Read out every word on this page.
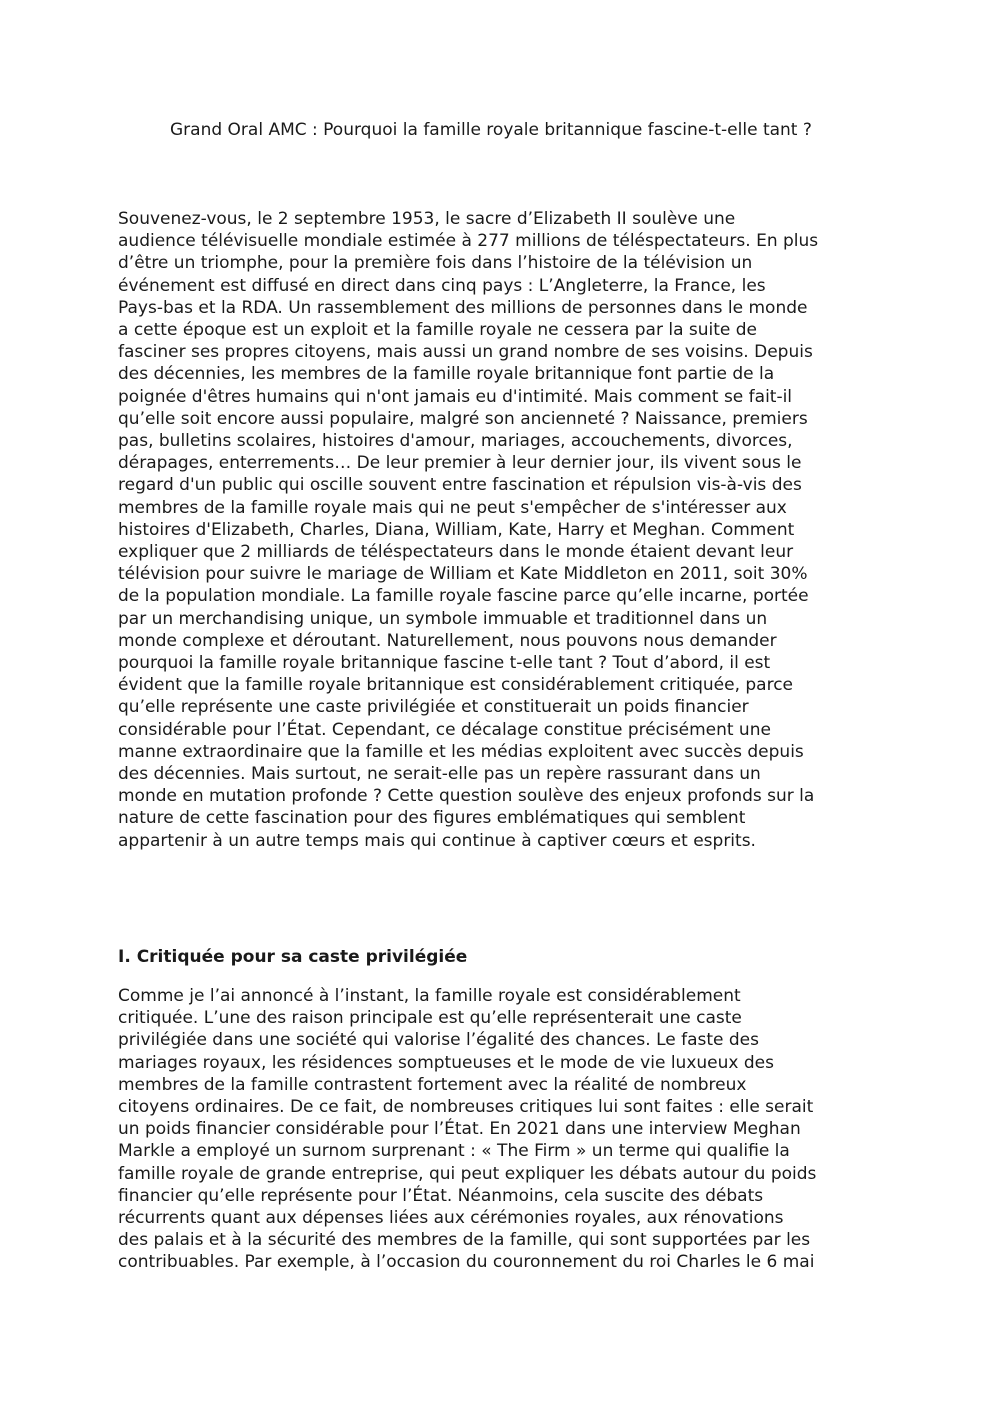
Grand Oral AMC : Pourquoi la famille royale britannique fascine-t-elle tant ?

Souvenez-vous, le 2 septembre 1953, le sacre d’Elizabeth II soulève une
audience télévisuelle mondiale estimée à 277 millions de téléspectateurs. En plus
d’être un triomphe, pour la première fois dans l’histoire de la télévision un
événement est diffusé en direct dans cinq pays : L’Angleterre, la France, les
Pays-bas et la RDA. Un rassemblement des millions de personnes dans le monde
a cette époque est un exploit et la famille royale ne cessera par la suite de
fasciner ses propres citoyens, mais aussi un grand nombre de ses voisins. Depuis
des décennies, les membres de la famille royale britannique font partie de la
poignée d'êtres humains qui n'ont jamais eu d'intimité. Mais comment se fait-il
qu’elle soit encore aussi populaire, malgré son ancienneté ? Naissance, premiers
pas, bulletins scolaires, histoires d'amour, mariages, accouchements, divorces,
dérapages, enterrements… De leur premier à leur dernier jour, ils vivent sous le
regard d'un public qui oscille souvent entre fascination et répulsion vis-à-vis des
membres de la famille royale mais qui ne peut s'empêcher de s'intéresser aux
histoires d'Elizabeth, Charles, Diana, William, Kate, Harry et Meghan. Comment
expliquer que 2 milliards de téléspectateurs dans le monde étaient devant leur
télévision pour suivre le mariage de William et Kate Middleton en 2011, soit 30%
de la population mondiale. La famille royale fascine parce qu’elle incarne, portée
par un merchandising unique, un symbole immuable et traditionnel dans un
monde complexe et déroutant. Naturellement, nous pouvons nous demander
pourquoi la famille royale britannique fascine t-elle tant ? Tout d’abord, il est
évident que la famille royale britannique est considérablement critiquée, parce
qu’elle représente une caste privilégiée et constituerait un poids financier
considérable pour l’État. Cependant, ce décalage constitue précisément une
manne extraordinaire que la famille et les médias exploitent avec succès depuis
des décennies. Mais surtout, ne serait-elle pas un repère rassurant dans un
monde en mutation profonde ? Cette question soulève des enjeux profonds sur la
nature de cette fascination pour des figures emblématiques qui semblent
appartenir à un autre temps mais qui continue à captiver cœurs et esprits.

I. Critiquée pour sa caste privilégiée

Comme je l’ai annoncé à l’instant, la famille royale est considérablement
critiquée. L’une des raison principale est qu’elle représenterait une caste
privilégiée dans une société qui valorise l’égalité des chances. Le faste des
mariages royaux, les résidences somptueuses et le mode de vie luxueux des
membres de la famille contrastent fortement avec la réalité de nombreux
citoyens ordinaires. De ce fait, de nombreuses critiques lui sont faites : elle serait
un poids financier considérable pour l’État. En 2021 dans une interview Meghan
Markle a employé un surnom surprenant : « The Firm » un terme qui qualifie la
famille royale de grande entreprise, qui peut expliquer les débats autour du poids
financier qu’elle représente pour l’État. Néanmoins, cela suscite des débats
récurrents quant aux dépenses liées aux cérémonies royales, aux rénovations
des palais et à la sécurité des membres de la famille, qui sont supportées par les
contribuables. Par exemple, à l’occasion du couronnement du roi Charles le 6 mai
